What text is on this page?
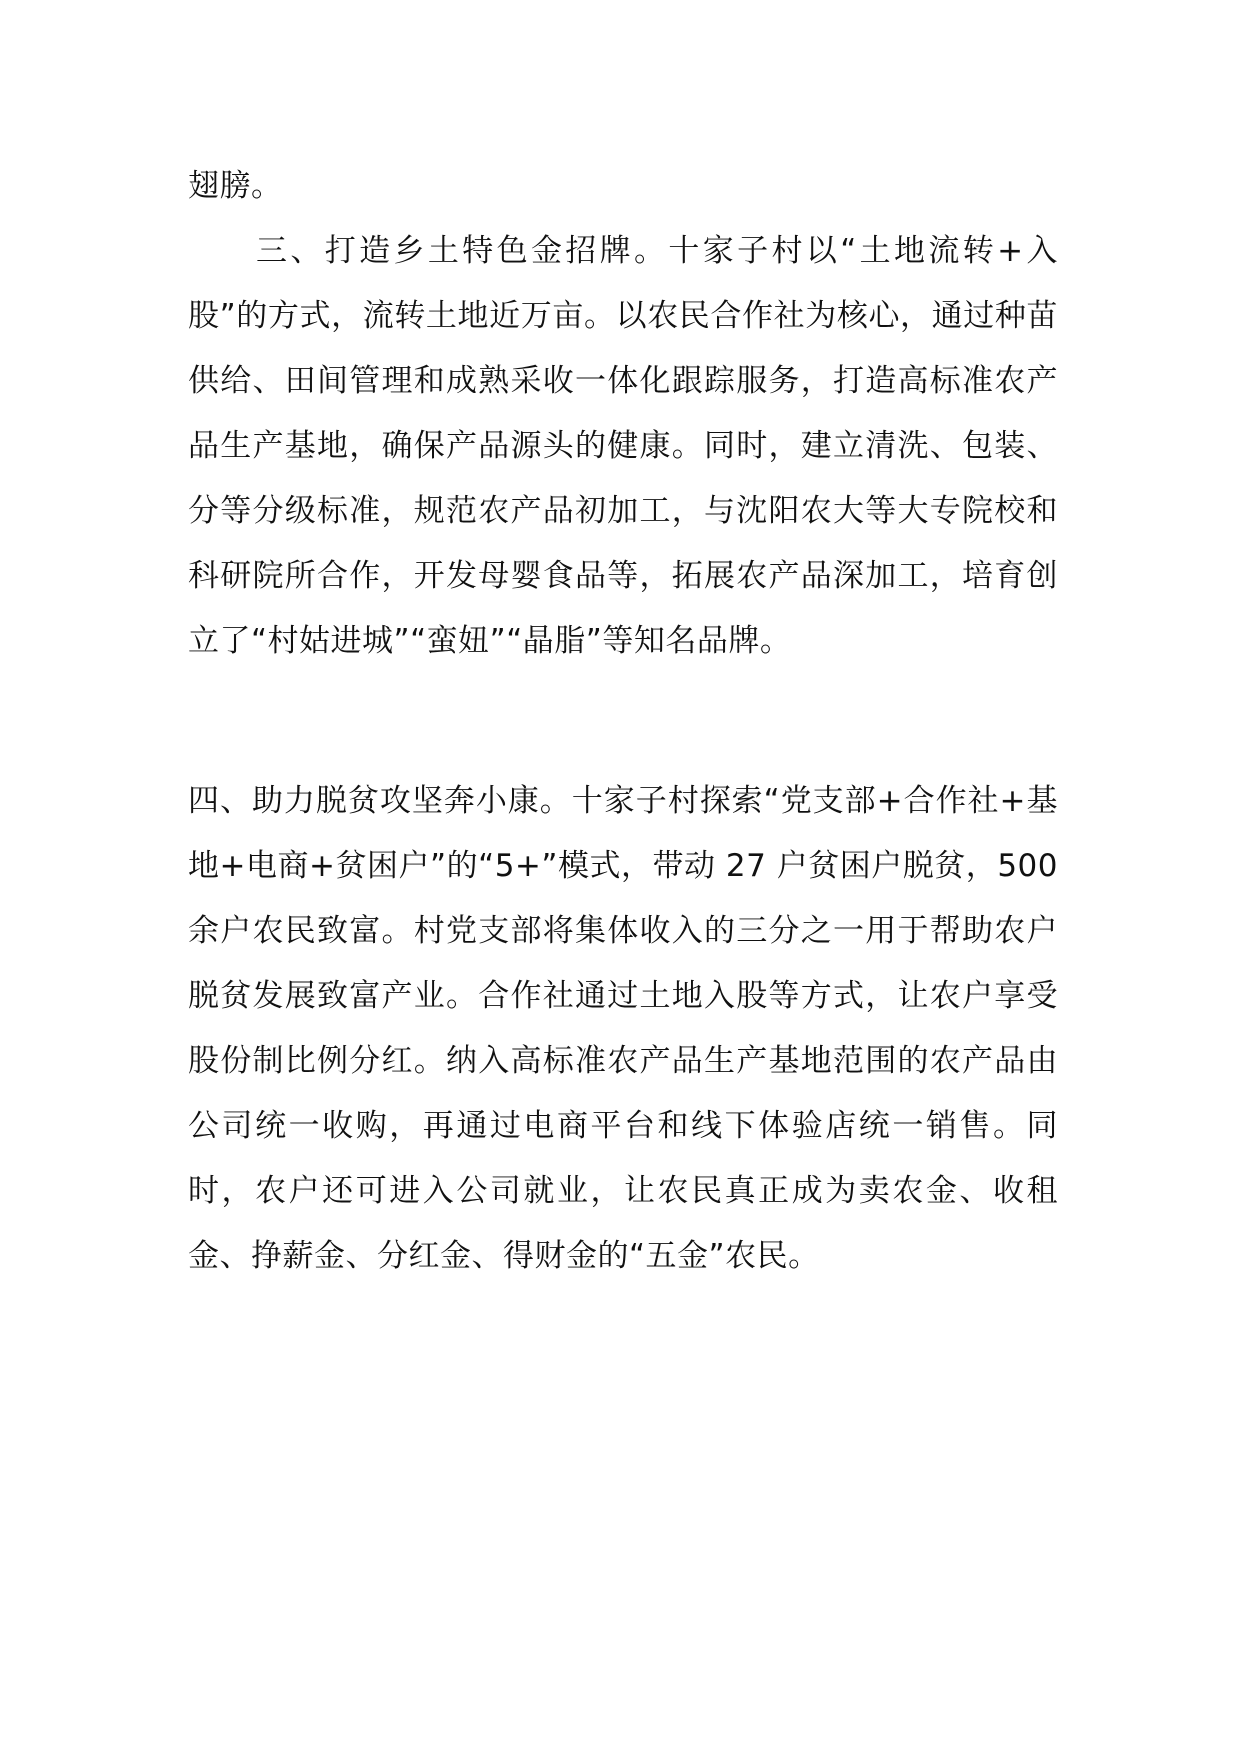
翅膀。
三、打造乡土特色金招牌。十家子村以“土地流转+入股”的方式，流转土地近万亩。以农民合作社为核心，通过种苗供给、田间管理和成熟采收一体化跟踪服务，打造高标准农产品生产基地，确保产品源头的健康。同时，建立清洗、包装、分等分级标准，规范农产品初加工，与沈阳农大等大专院校和科研院所合作，开发母婴食品等，拓展农产品深加工，培育创立了“村姑进城”“蛮妞”“晶脂”等知名品牌。
四、助力脱贫攻坚奔小康。十家子村探索“党支部+合作社+基地+电商+贫困户”的“5+”模式，带动 27 户贫困户脱贫，500 余户农民致富。村党支部将集体收入的三分之一用于帮助农户脱贫发展致富产业。合作社通过土地入股等方式，让农户享受股份制比例分红。纳入高标准农产品生产基地范围的农产品由公司统一收购，再通过电商平台和线下体验店统一销售。同时，农户还可进入公司就业，让农民真正成为卖农金、收租金、挣薪金、分红金、得财金的“五金”农民。
